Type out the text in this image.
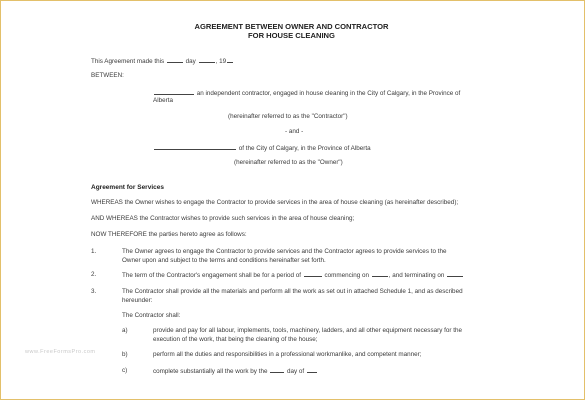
AGREEMENT BETWEEN OWNER AND CONTRACTOR
FOR HOUSE CLEANING
This Agreement made this	day	, 19
BETWEEN:
an independent contractor, engaged in house cleaning in the City of Calgary, in the Province of
Alberta
(hereinafter referred to as the "Contractor")
- and -
of the City of Calgary, in the Province of Alberta
(hereinafter referred to as the "Owner")
Agreement for Services
WHEREAS the Owner wishes to engage the Contractor to provide services in the area of house cleaning (as hereinafter described);
AND WHEREAS the Contractor wishes to provide such services in the area of house cleaning;
NOW THEREFORE the parties hereto agree as follows:
1.	The Owner agrees to engage the Contractor to provide services and the Contractor agrees to provide services to the
Owner upon and subject to the terms and conditions hereinafter set forth.
2.	The term of the Contractor's engagement shall be for a period of	commencing on	, and terminating on
3.	The Contractor shall provide all the materials and perform all the work as set out in attached Schedule 1, and as described
hereunder:
The Contractor shall:
a)	provide and pay for all labour, implements, tools, machinery, ladders, and all other equipment necessary for the
execution of the work, that being the cleaning of the house;
b)	perform all the duties and responsibilities in a professional workmanlike, and competent manner;
c)	complete substantially all the work by the	day of
www.FreeFormsPro.com
